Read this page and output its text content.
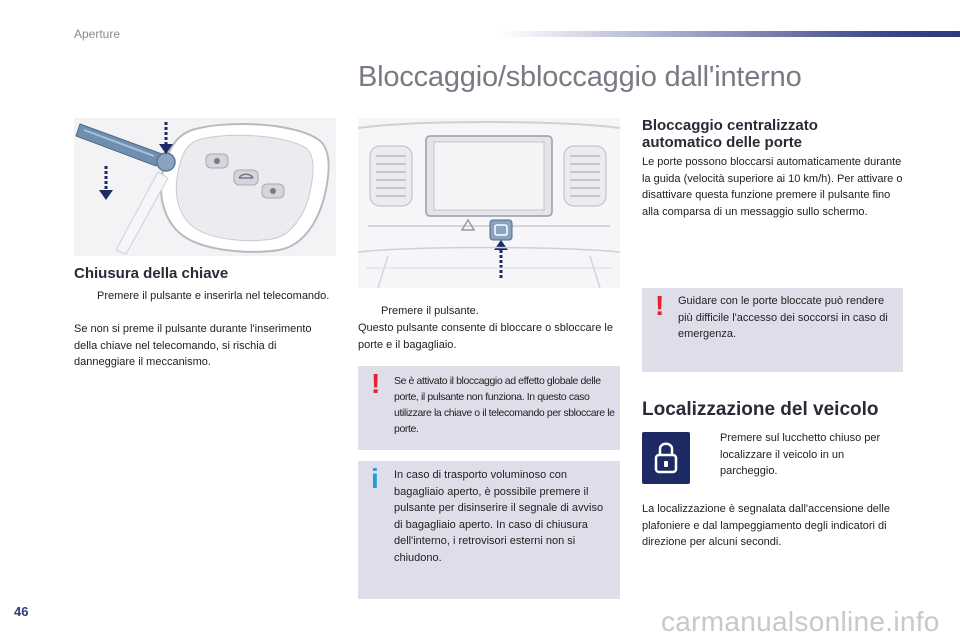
Aperture
Bloccaggio/sbloccaggio dall'interno
Chiusura della chiave
Premere il pulsante e inserirla nel telecomando.
Se non si preme il pulsante durante l'inserimento della chiave nel telecomando, si rischia di danneggiare il meccanismo.
Premere il pulsante.
Questo pulsante consente di bloccare o sbloccare le porte e il bagagliaio.
! Se è attivato il bloccaggio ad effetto globale delle porte, il pulsante non funziona. In questo caso utilizzare la chiave o il telecomando per sbloccare le porte.
i In caso di trasporto voluminoso con bagagliaio aperto, è possibile premere il pulsante per disinserire il segnale di avviso di bagagliaio aperto. In caso di chiusura dell'interno, i retrovisori esterni non si chiudono.
Bloccaggio centralizzato automatico delle porte
Le porte possono bloccarsi automaticamente durante la guida (velocità superiore ai 10 km/h). Per attivare o disattivare questa funzione premere il pulsante fino alla comparsa di un messaggio sullo schermo.
! Guidare con le porte bloccate può rendere più difficile l'accesso dei soccorsi in caso di emergenza.
Localizzazione del veicolo
Premere sul lucchetto chiuso per localizzare il veicolo in un parcheggio.
La localizzazione è segnalata dall'accensione delle plafoniere e dal lampeggiamento degli indicatori di direzione per alcuni secondi.
46	carmanualsonline.info
